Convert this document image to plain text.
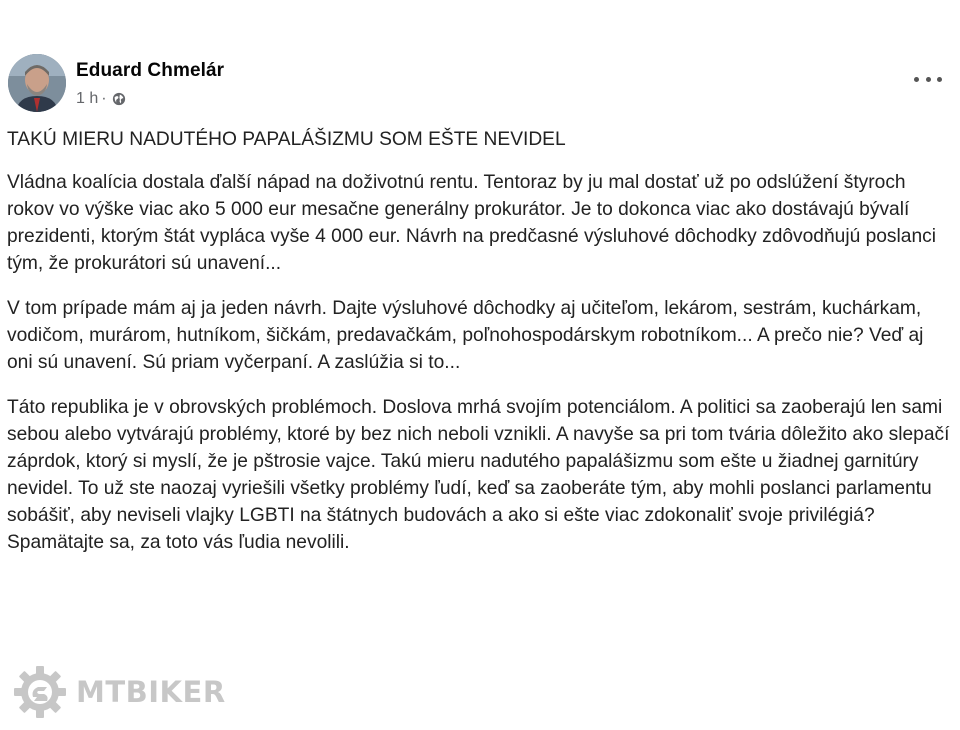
Eduard Chmelár
1 h ·

TAKÚ MIERU NADUTÉHO PAPALÁŠIZMU SOM EŠTE NEVIDEL

Vládna koalícia dostala ďalší nápad na doživotnú rentu. Tentoraz by ju mal dostať už po odslúžení štyroch rokov vo výške viac ako 5 000 eur mesačne generálny prokurátor. Je to dokonca viac ako dostávajú bývalí prezidenti, ktorým štát vypláca vyše 4 000 eur. Návrh na predčasné výsluhové dôchodky zdôvodňujú poslanci tým, že prokurátori sú unavení...

V tom prípade mám aj ja jeden návrh. Dajte výsluhové dôchodky aj učiteľom, lekárom, sestrám, kuchárkam, vodičom, murárom, hutníkom, šičkám, predavačkám, poľnohospodárskym robotníkom... A prečo nie? Veď aj oni sú unavení. Sú priam vyčerpaní. A zaslúžia si to...

Táto republika je v obrovských problémoch. Doslova mrhá svojím potenciálom. A politici sa zaoberajú len sami sebou alebo vytvárajú problémy, ktoré by bez nich neboli vznikli. A navyše sa pri tom tvária dôležito ako slepačí záprdok, ktorý si myslí, že je pštrosie vajce. Takú mieru nadutého papalášizmu som ešte u žiadnej garnitúry nevidel. To už ste naozaj vyriešili všetky problémy ľudí, keď sa zaoberáte tým, aby mohli poslanci parlamentu sobášiť, aby neviseli vlajky LGBTI na štátnych budovách a ako si ešte viac zdokonaliť svoje privilégiá? Spamätajte sa, za toto vás ľudia nevolili.

MTBIKER
